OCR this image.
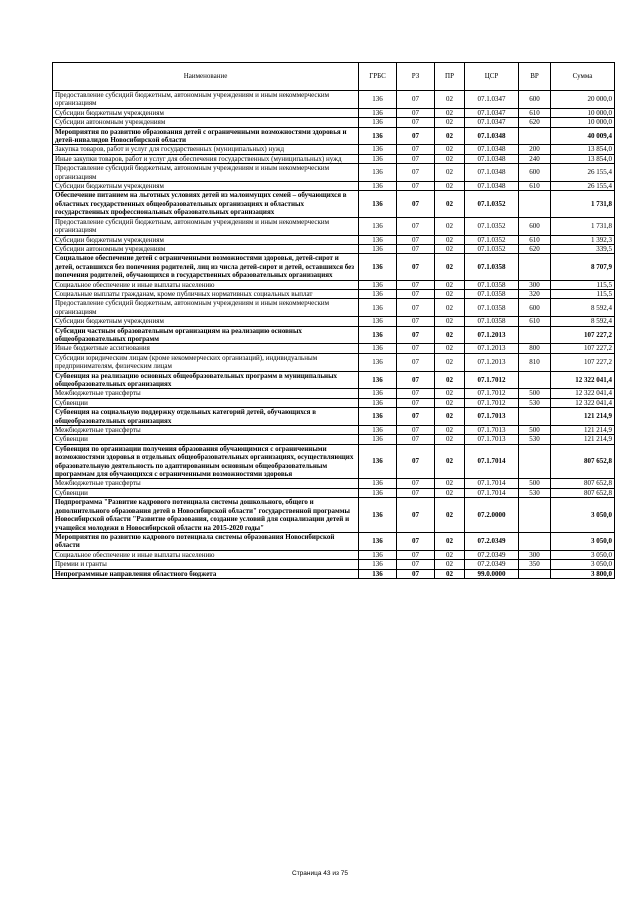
Наименование	ГРБС	РЗ	ПР	ЦСР	ВР	Сумма
Предоставление субсидий бюджетным, автономным учреждениям и иным некоммерческим организациям	136	07	02	07.1.0347	600	20 000,0
Субсидии бюджетным учреждениям	136	07	02	07.1.0347	610	10 000,0
Субсидии автономным учреждениям	136	07	02	07.1.0347	620	10 000,0
Мероприятия по развитию образования детей с ограниченными возможностями здоровья и детей-инвалидов Новосибирской области	136	07	02	07.1.0348		40 009,4
Закупка товаров, работ и услуг для государственных (муниципальных) нужд	136	07	02	07.1.0348	200	13 854,0
Иные закупки товаров, работ и услуг для обеспечения государственных (муниципальных) нужд	136	07	02	07.1.0348	240	13 854,0
Предоставление субсидий бюджетным, автономным учреждениям и иным некоммерческим организациям	136	07	02	07.1.0348	600	26 155,4
Субсидии бюджетным учреждениям	136	07	02	07.1.0348	610	26 155,4
Обеспечение питанием на льготных условиях детей из малоимущих семей – обучающихся в областных государственных общеобразовательных организациях и областных государственных профессиональных образовательных организациях	136	07	02	07.1.0352		1 731,8
Предоставление субсидий бюджетным, автономным учреждениям и иным некоммерческим организациям	136	07	02	07.1.0352	600	1 731,8
Субсидии бюджетным учреждениям	136	07	02	07.1.0352	610	1 392,3
Субсидии автономным учреждениям	136	07	02	07.1.0352	620	339,5
Социальное обеспечение детей с ограниченными возможностями здоровья, детей-сирот и детей, оставшихся без попечения родителей, лиц из числа детей-сирот и детей, оставшихся без попечения родителей, обучающихся в государственных образовательных организациях	136	07	02	07.1.0358		8 707,9
Социальное обеспечение и иные выплаты населению	136	07	02	07.1.0358	300	115,5
Социальные выплаты гражданам, кроме публичных нормативных социальных выплат	136	07	02	07.1.0358	320	115,5
Предоставление субсидий бюджетным, автономным учреждениям и иным некоммерческим организациям	136	07	02	07.1.0358	600	8 592,4
Субсидии бюджетным учреждениям	136	07	02	07.1.0358	610	8 592,4
Субсидии частным образовательным организациям на реализацию основных общеобразовательных программ	136	07	02	07.1.2013		107 227,2
Иные бюджетные ассигнования	136	07	02	07.1.2013	800	107 227,2
Субсидии юридическим лицам (кроме некоммерческих организаций), индивидуальным предпринимателям, физическим лицам	136	07	02	07.1.2013	810	107 227,2
Субвенция на реализацию основных общеобразовательных программ в муниципальных общеобразовательных организациях	136	07	02	07.1.7012		12 322 041,4
Межбюджетные трансферты	136	07	02	07.1.7012	500	12 322 041,4
Субвенции	136	07	02	07.1.7012	530	12 322 041,4
Субвенция на социальную поддержку отдельных категорий детей, обучающихся в общеобразовательных организациях	136	07	02	07.1.7013		121 214,9
Межбюджетные трансферты	136	07	02	07.1.7013	500	121 214,9
Субвенции	136	07	02	07.1.7013	530	121 214,9
Субвенция по организации получения образования обучающимися с ограниченными возможностями здоровья в отдельных общеобразовательных организациях, осуществляющих образовательную деятельность по адаптированным основным общеобразовательным программам для обучающихся с ограниченными возможностями здоровья	136	07	02	07.1.7014		807 652,8
Межбюджетные трансферты	136	07	02	07.1.7014	500	807 652,8
Субвенции	136	07	02	07.1.7014	530	807 652,8
Подпрограмма "Развитие кадрового потенциала системы дошкольного, общего и дополнительного образования детей в Новосибирской области" государственной программы Новосибирской области "Развитие образования, создание условий для социализации детей и учащейся молодежи в Новосибирской области на 2015-2020 годы"	136	07	02	07.2.0000		3 050,0
Мероприятия по развитию кадрового потенциала системы образования Новосибирской области	136	07	02	07.2.0349		3 050,0
Социальное обеспечение и иные выплаты населению	136	07	02	07.2.0349	300	3 050,0
Премии и гранты	136	07	02	07.2.0349	350	3 050,0
Непрограммные направления областного бюджета	136	07	02	99.0.0000		3 800,0
Страница 43 из 75
